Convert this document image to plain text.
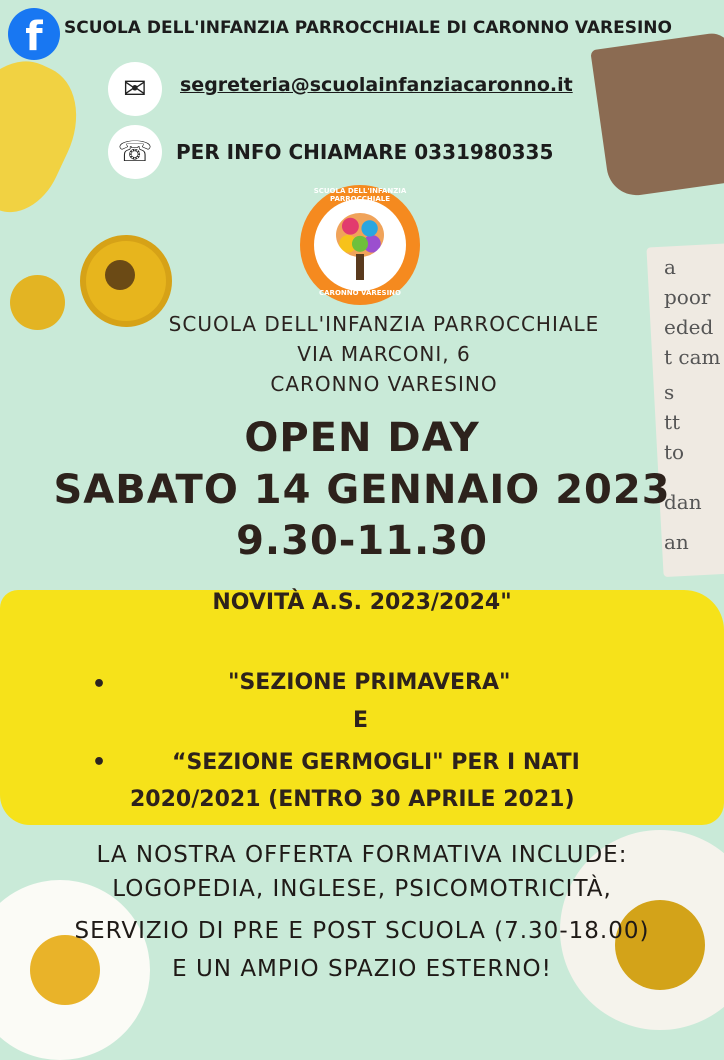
a
poor
eded
t cam
s
tt
to
dan
an
f	SCUOLA DELL'INFANZIA PARROCCHIALE DI CARONNO VARESINO
✉	segreteria@scuolainfanziacaronno.it
☏	PER INFO CHIAMARE 0331980335
SCUOLA DELL'INFANZIA PARROCCHIALE
CARONNO VARESINO
SCUOLA DELL'INFANZIA PARROCCHIALE
VIA MARCONI, 6
CARONNO VARESINO
OPEN DAY
SABATO 14 GENNAIO 2023
9.30-11.30
NOVITÀ A.S. 2023/2024"
•	"SEZIONE PRIMAVERA"
E
•	“SEZIONE GERMOGLI" PER I NATI
2020/2021 (ENTRO 30 APRILE 2021)
LA NOSTRA OFFERTA FORMATIVA INCLUDE:
LOGOPEDIA, INGLESE, PSICOMOTRICITÀ,
SERVIZIO DI PRE E POST SCUOLA (7.30-18.00)
E UN AMPIO SPAZIO ESTERNO!
